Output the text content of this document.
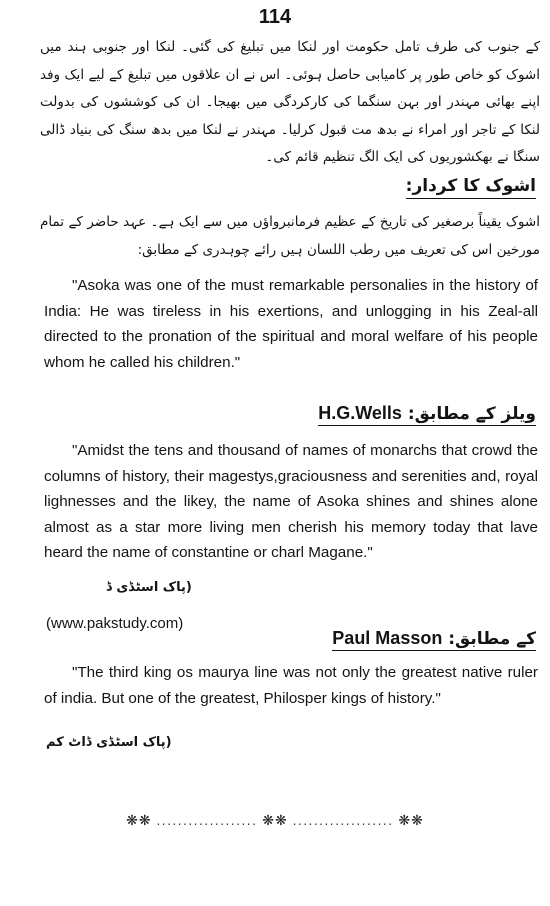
114
کے جنوب کی طرف تامل حکومت اور لنکا میں تبلیغ کی گئی۔ لنکا اور جنوبی ہند میں اشوک کو خاص طور پر کامیابی حاصل ہوئی۔ اس نے ان علاقوں میں تبلیغ کے لیے ایک وفد اپنے بھائی مہندر اور بہن سنگما کی کارکردگی میں بھیجا۔ ان کی کوششوں کی بدولت لنکا کے تاجر اور امراء نے بدھ مت قبول کرلیا۔ مہندر نے لنکا میں بدھ سنگ کی بنیاد ڈالی سنگا نے بھکشوریوں کی ایک الگ تنظیم قائم کی۔
اشوک کا کردار:
اشوک یقیناً برصغیر کی تاریخ کے عظیم فرمانبرواؤں میں سے ایک ہے۔ عہد حاضر کے تمام مورخین اس کی تعریف میں رطب اللسان ہیں رائے چوہدری کے مطابق:
"Asoka was one of the must remarkable personalies in the history of India: He was tireless in his exertions, and unlogging in his Zeal-all directed to the pronation of the spiritual and moral welfare of his people whom he called his children."
ویلز کے مطابق: H.G.Wells
"Amidst the tens and thousand of names of monarchs that crowd the columns of history, their magestys,graciousness and serenities and, royal lighnesses and the likey, the name of Asoka shines and shines alone almost as a star more living men cherish his memory today that lave heard the name of constantine or charl Magane."
(پاک اسٹڈی ڈ
(www.pakstudy.com)
کے مطابق: Paul Masson
"The third king os maurya line was not only the greatest native ruler of india. But one of the greatest, Philosper kings of history."
(پاک اسٹڈی ڈاٹ کم
❋❋ ................... ❋❋ ................... ❋❋
